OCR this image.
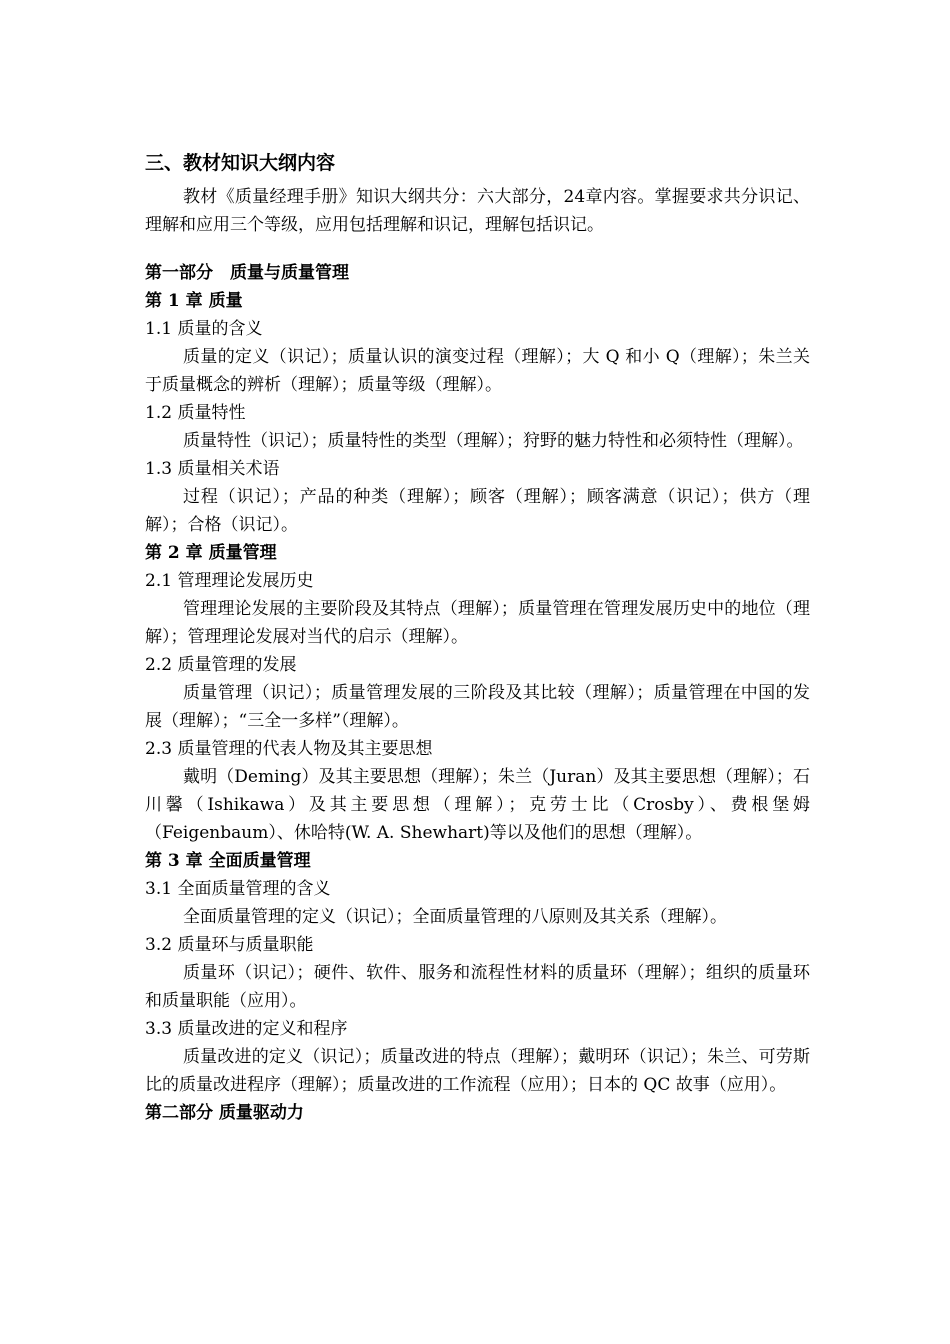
三、教材知识大纲内容
教材《质量经理手册》知识大纲共分：六大部分，24章内容。掌握要求共分识记、理解和应用三个等级，应用包括理解和识记，理解包括识记。
第一部分　质量与质量管理
第 1 章 质量
1.1 质量的含义
质量的定义（识记）；质量认识的演变过程（理解）；大 Q 和小 Q（理解）；朱兰关于质量概念的辨析（理解）；质量等级（理解）。
1.2 质量特性
质量特性（识记）；质量特性的类型（理解）；狩野的魅力特性和必须特性（理解）。
1.3 质量相关术语
过程（识记）；产品的种类（理解）；顾客（理解）；顾客满意（识记）；供方（理解）；合格（识记）。
第 2 章 质量管理
2.1 管理理论发展历史
管理理论发展的主要阶段及其特点（理解）；质量管理在管理发展历史中的地位（理解）；管理理论发展对当代的启示（理解）。
2.2 质量管理的发展
质量管理（识记）；质量管理发展的三阶段及其比较（理解）；质量管理在中国的发展（理解）；“三全一多样”（理解）。
2.3 质量管理的代表人物及其主要思想
戴明（Deming）及其主要思想（理解）；朱兰（Juran）及其主要思想（理解）；石川馨（Ishikawa）及其主要思想（理解）；克劳士比（Crosby）、费根堡姆（Feigenbaum）、休哈特(W. A. Shewhart)等以及他们的思想（理解）。
第 3 章 全面质量管理
3.1 全面质量管理的含义
全面质量管理的定义（识记）；全面质量管理的八原则及其关系（理解）。
3.2 质量环与质量职能
质量环（识记）；硬件、软件、服务和流程性材料的质量环（理解）；组织的质量环和质量职能（应用）。
3.3 质量改进的定义和程序
质量改进的定义（识记）；质量改进的特点（理解）；戴明环（识记）；朱兰、可劳斯比的质量改进程序（理解）；质量改进的工作流程（应用）；日本的 QC 故事（应用）。
第二部分 质量驱动力
